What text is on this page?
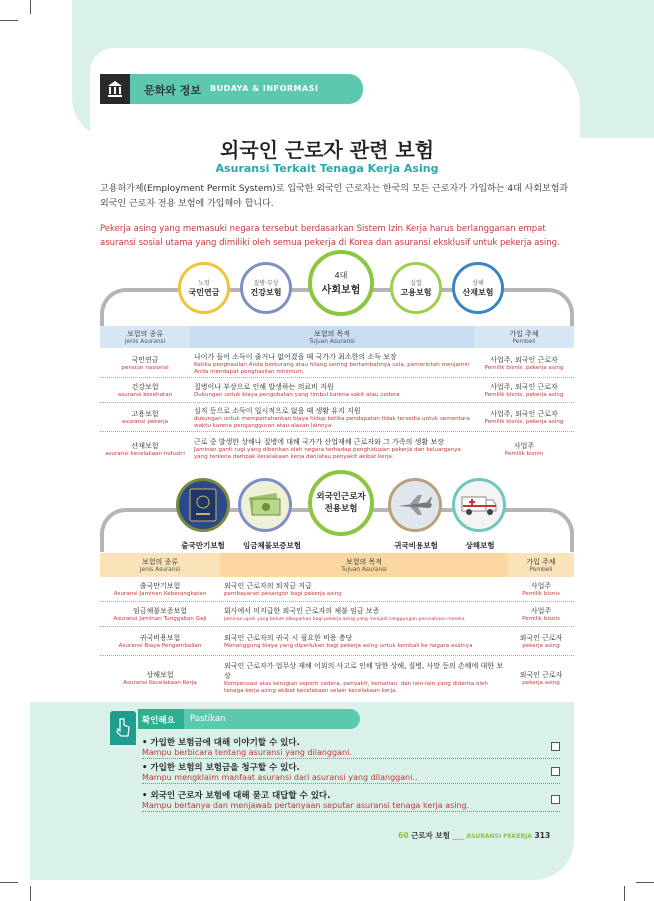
문화와 정보 BUDAYA & INFORMASI
외국인 근로자 관련 보험
Asuransi Terkait Tenaga Kerja Asing
고용허가제(Employment Permit System)로 입국한 외국인 근로자는 한국의 모든 근로자가 가입하는 4대 사회보험과 외국인 근로자 전용 보험에 가입해야 합니다.
Pekerja asing yang memasuki negara tersebut berdasarkan Sistem Izin Kerja harus berlangganan empat asuransi sosial utama yang dimiliki oleh semua pekerja di Korea dan asuransi eksklusif untuk pekerja asing.
노령
국민연금
질병·부상
건강보험
4대
사회보험
실업
고용보험
상해
산재보험
보험의 종류
Jenis Asuransi
보험의 목적
Tujuan Asuransi
가입 주체
Pembeli
국민연금
pensiun nasional
나이가 들어 소득이 줄거나 없어졌을 때 국가가 최소한의 소득 보장
Ketika penghasilan Anda berkurang atau hilang seiring bertambahnya usia, pemerintah menjamin Anda mendapat penghasilan minimum,
사업주, 외국인 근로자
Pemilik bisnis, pekerja asing
건강보험
asuransi kesehatan
질병이나 부상으로 인해 발생하는 의료비 지원
Dukungan untuk biaya pengobatan yang timbul karena sakit atau cedera
사업주, 외국인 근로자
Pemilik bisnis, pekerja asing
고용보험
asuransi pekerja
실직 등으로 소득이 일시적으로 없을 때 생활 유지 지원
dukungan untuk mempertahankan biaya hidup ketika pendapatan tidak tersedia untuk sementara waktu karena pengangguran atau alasan lainnya
사업주, 외국인 근로자
Pemilik bisnis, pekerja asing
산재보험
asuransi kecelakaan industri
근로 중 발생한 상해나 질병에 대해 국가가 산업재해 근로자와 그 가족의 생활 보장
Jaminan ganti rugi yang diberikan oleh negara terhadap penghidupan pekerja dan keluarganya yang terkena dampak kecelakaan kerja dan/atau penyakit akibat kerja.
사업주
Pemilik bisnin
출국만기보험	임금체불보증보험
외국인근로자 전용보험
귀국비용보험	상해보험
보험의 종류
Jenis Asuransi
보험의 목적
Tujuan Asuransi
가입 주체
Pembeli
출국만기보험
Asuransi Jaminan Keberangkatan
외국인 근로자의 퇴직금 지급
pembayaran pesangon bagi pekerja asing
사업주
Pemilik bisnis
임금체불보증보험
Asuransi Jaminan Tunggakan Gaji
회사에서 미지급한 외국인 근로자의 체불 임금 보증
Jaminan upah yang belum dibayarkan bagi pekerja asing yang menjadi tanggungan perusahaan mereka
사업주
Pemilik bisnis
귀국비용보험
Asuransi Biaya Pengembalian
외국인 근로자의 귀국 시 필요한 비용 충당
Menanggung biaya yang diperlukan bagi pekerja asing untuk kembali ke negara asalnya
외국인 근로자
pekerja asing
상해보험
Asuransi Kecelakaan Kerja
외국인 근로자가 업무상 재해 이외의 사고로 인해 당한 상해, 질병, 사망 등의 손해에 대한 보상
Kompensasi atas kerugian seperti cedera, penyakit, kematian, dan lain-lain yang diderita oleh tenaga kerja asing akibat kecelakaan selain kecelakaan kerja.
외국인 근로자
pekerja asing
확인해요 Pastikan
• 가입한 보험금에 대해 이야기할 수 있다.
Mampu berbicara tentang asuransi yang dilanggani.
• 가입한 보험의 보험금을 청구할 수 있다.
Mampu mengklaim manfaat asuransi dari asuransi yang dilanggani..
• 외국인 근로자 보험에 대해 묻고 대답할 수 있다.
Mampu bertanya dan menjawab pertanyaan seputar asuransi tenaga kerja asing.
60 근로자 보험 ___ ASURANSI PEKERJA 313
